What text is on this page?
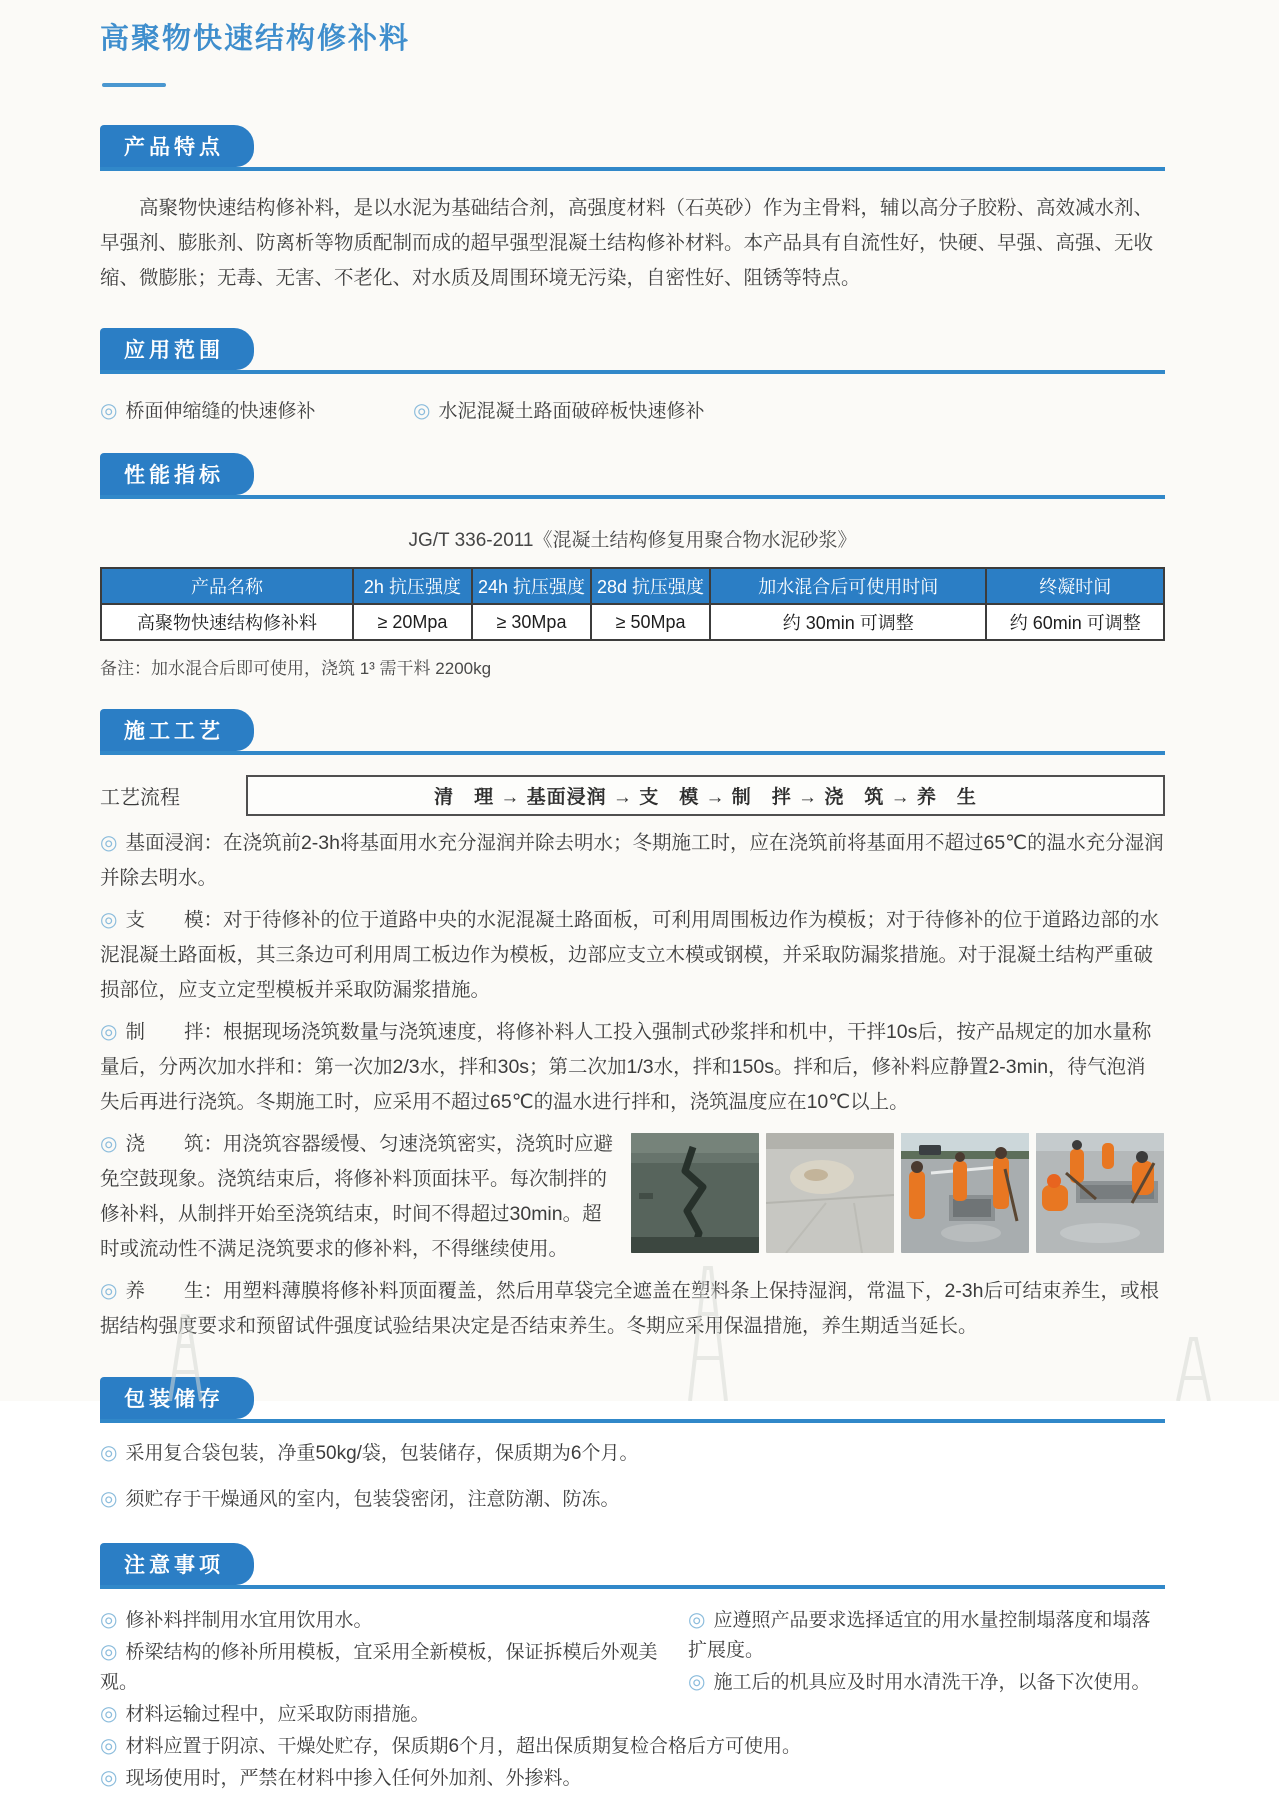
高聚物快速结构修补料
产品特点

高聚物快速结构修补料，是以水泥为基础结合剂，高强度材料（石英砂）作为主骨料，辅以高分子胶粉、高效减水剂、早强剂、膨胀剂、防离析等物质配制而成的超早强型混凝土结构修补材料。本产品具有自流性好，快硬、早强、高强、无收缩、微膨胀；无毒、无害、不老化、对水质及周围环境无污染，自密性好、阻锈等特点。

应用范围
◎ 桥面伸缩缝的快速修补	◎ 水泥混凝土路面破碎板快速修补
性能指标
JG/T 336-2011《混凝土结构修复用聚合物水泥砂浆》
产品名称	2h 抗压强度	24h 抗压强度	28d 抗压强度	加水混合后可使用时间	终凝时间
高聚物快速结构修补料	≥ 20Mpa	≥ 30Mpa	≥ 50Mpa	约 30min 可调整	约 60min 可调整
备注：加水混合后即可使用，浇筑 1³ 需干料 2200kg
施工工艺
工艺流程	清　理 → 基面浸润 → 支　模 → 制　拌 → 浇　筑 → 养　生

◎ 基面浸润：在浇筑前2-3h将基面用水充分湿润并除去明水；冬期施工时，应在浇筑前将基面用不超过65℃的温水充分湿润并除去明水。

◎ 支　　模：对于待修补的位于道路中央的水泥混凝土路面板，可利用周围板边作为模板；对于待修补的位于道路边部的水泥混凝土路面板，其三条边可利用周工板边作为模板，边部应支立木模或钢模，并采取防漏浆措施。对于混凝土结构严重破损部位，应支立定型模板并采取防漏浆措施。

◎ 制　　拌：根据现场浇筑数量与浇筑速度，将修补料人工投入强制式砂浆拌和机中，干拌10s后，按产品规定的加水量称量后，分两次加水拌和：第一次加2/3水，拌和30s；第二次加1/3水，拌和150s。拌和后，修补料应静置2-3min，待气泡消失后再进行浇筑。冬期施工时，应采用不超过65℃的温水进行拌和，浇筑温度应在10℃以上。

◎ 浇　　筑：用浇筑容器缓慢、匀速浇筑密实，浇筑时应避免空鼓现象。浇筑结束后，将修补料顶面抹平。每次制拌的修补料，从制拌开始至浇筑结束，时间不得超过30min。超时或流动性不满足浇筑要求的修补料，不得继续使用。

◎ 养　　生：用塑料薄膜将修补料顶面覆盖，然后用草袋完全遮盖在塑料条上保持湿润，常温下，2-3h后可结束养生，或根据结构强度要求和预留试件强度试验结果决定是否结束养生。冬期应采用保温措施，养生期适当延长。

包装储存

◎ 采用复合袋包装，净重50kg/袋，包装储存，保质期为6个月。

◎ 须贮存于干燥通风的室内，包装袋密闭，注意防潮、防冻。

注意事项

◎ 修补料拌制用水宜用饮用水。

◎ 桥梁结构的修补所用模板，宜采用全新模板，保证拆模后外观美观。

◎ 材料运输过程中，应采取防雨措施。

◎ 应遵照产品要求选择适宜的用水量控制塌落度和塌落扩展度。

◎ 施工后的机具应及时用水清洗干净，以备下次使用。

◎ 材料应置于阴凉、干燥处贮存，保质期6个月，超出保质期复检合格后方可使用。

◎ 现场使用时，严禁在材料中掺入任何外加剂、外掺料。
